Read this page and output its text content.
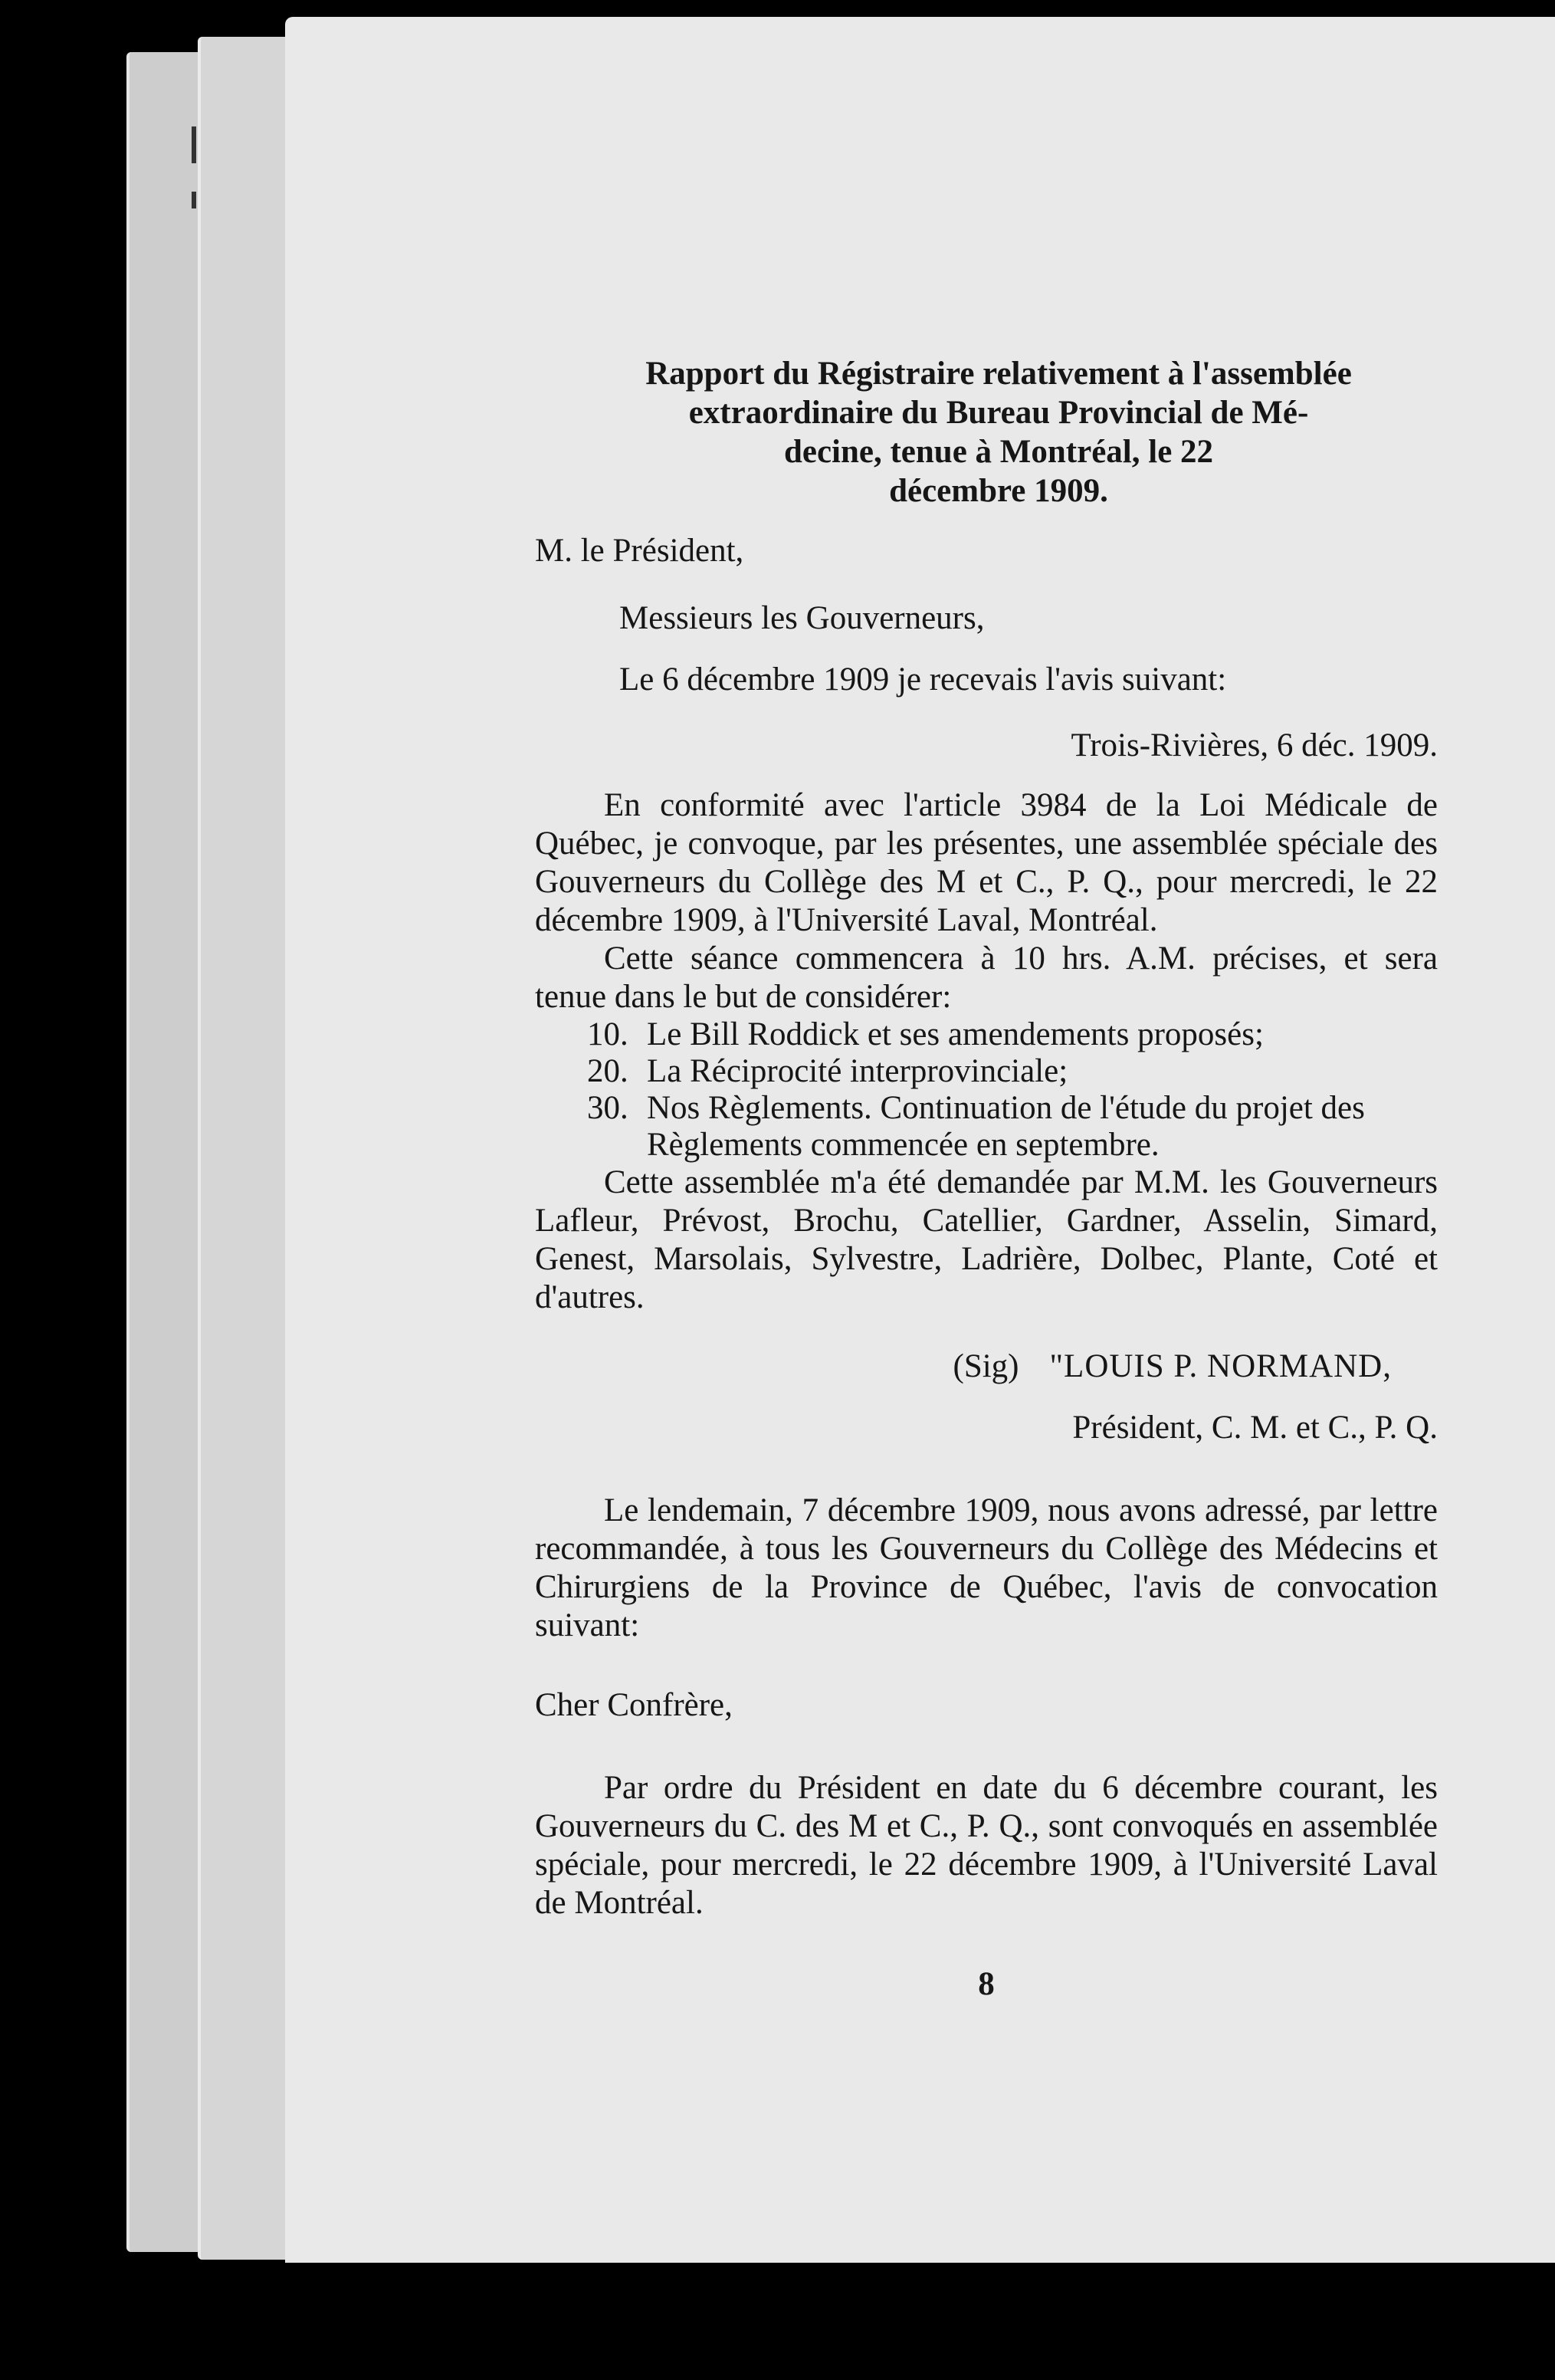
Rapport du Régistraire relativement à l'assemblée
extraordinaire du Bureau Provincial de Mé-
decine, tenue à Montréal, le 22
décembre 1909.

M. le Président,

Messieurs les Gouverneurs,

Le 6 décembre 1909 je recevais l'avis suivant:

Trois-Rivières, 6 déc. 1909.

En conformité avec l'article 3984 de la Loi Médicale de Québec, je convoque, par les présentes, une assemblée spéciale des Gouverneurs du Collège des M et C., P. Q., pour mercredi, le 22 décembre 1909, à l'Université Laval, Montréal.

Cette séance commencera à 10 hrs. A.M. précises, et sera tenue dans le but de considérer:

10. Le Bill Roddick et ses amendements proposés;
20. La Réciprocité interprovinciale;
30. Nos Règlements. Continuation de l'étude du projet des Règlements commencée en septembre.

Cette assemblée m'a été demandée par M.M. les Gouverneurs Lafleur, Prévost, Brochu, Catellier, Gardner, Asselin, Simard, Genest, Marsolais, Sylvestre, Ladrière, Dolbec, Plante, Coté et d'autres.

(Sig) "LOUIS P. NORMAND,

Président, C. M. et C., P. Q.

Le lendemain, 7 décembre 1909, nous avons adressé, par lettre recommandée, à tous les Gouverneurs du Collège des Médecins et Chirurgiens de la Province de Québec, l'avis de convocation suivant:

Cher Confrère,

Par ordre du Président en date du 6 décembre courant, les Gouverneurs du C. des M et C., P. Q., sont convoqués en assemblée spéciale, pour mercredi, le 22 décembre 1909, à l'Université Laval de Montréal.

8
